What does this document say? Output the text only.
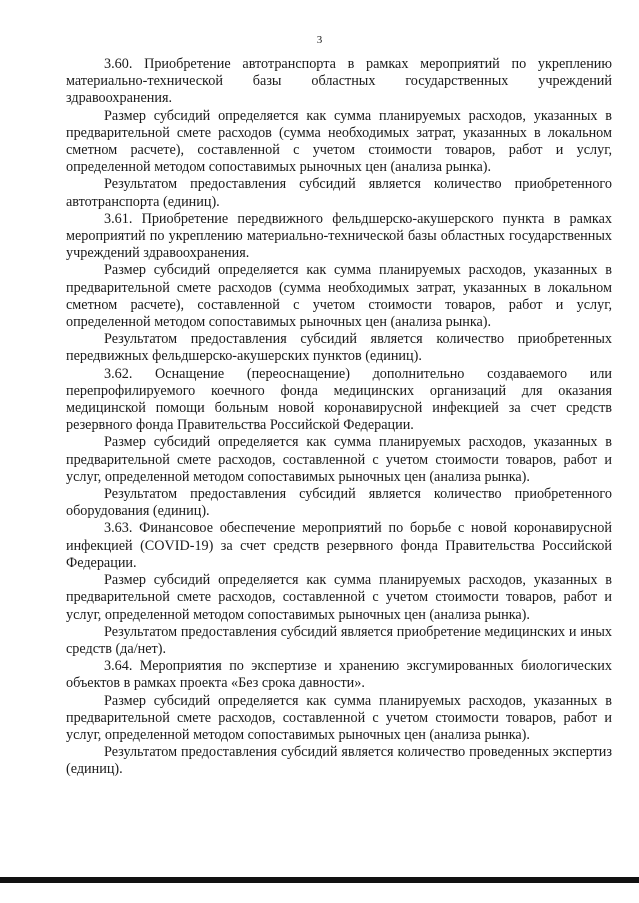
3

3.60. Приобретение автотранспорта в рамках мероприятий по укреплению материально-технической базы областных государственных учреждений здравоохранения.

Размер субсидий определяется как сумма планируемых расходов, указанных в предварительной смете расходов (сумма необходимых затрат, указанных в локальном сметном расчете), составленной с учетом стоимости товаров, работ и услуг, определенной методом сопоставимых рыночных цен (анализа рынка).

Результатом предоставления субсидий является количество приобретенного автотранспорта (единиц).

3.61. Приобретение передвижного фельдшерско-акушерского пункта в рамках мероприятий по укреплению материально-технической базы областных государственных учреждений здравоохранения.

Размер субсидий определяется как сумма планируемых расходов, указанных в предварительной смете расходов (сумма необходимых затрат, указанных в локальном сметном расчете), составленной с учетом стоимости товаров, работ и услуг, определенной методом сопоставимых рыночных цен (анализа рынка).

Результатом предоставления субсидий является количество приобретенных передвижных фельдшерско-акушерских пунктов (единиц).

3.62. Оснащение (переоснащение) дополнительно создаваемого или перепрофилируемого коечного фонда медицинских организаций для оказания медицинской помощи больным новой коронавирусной инфекцией за счет средств резервного фонда Правительства Российской Федерации.

Размер субсидий определяется как сумма планируемых расходов, указанных в предварительной смете расходов, составленной с учетом стоимости товаров, работ и услуг, определенной методом сопоставимых рыночных цен (анализа рынка).

Результатом предоставления субсидий является количество приобретенного оборудования (единиц).

3.63. Финансовое обеспечение мероприятий по борьбе с новой коронавирусной инфекцией (COVID-19) за счет средств резервного фонда Правительства Российской Федерации.

Размер субсидий определяется как сумма планируемых расходов, указанных в предварительной смете расходов, составленной с учетом стоимости товаров, работ и услуг, определенной методом сопоставимых рыночных цен (анализа рынка).

Результатом предоставления субсидий является приобретение медицинских и иных средств (да/нет).

3.64. Мероприятия по экспертизе и хранению эксгумированных биологических объектов в рамках проекта «Без срока давности».

Размер субсидий определяется как сумма планируемых расходов, указанных в предварительной смете расходов, составленной с учетом стоимости товаров, работ и услуг, определенной методом сопоставимых рыночных цен (анализа рынка).

Результатом предоставления субсидий является количество проведенных экспертиз (единиц).
